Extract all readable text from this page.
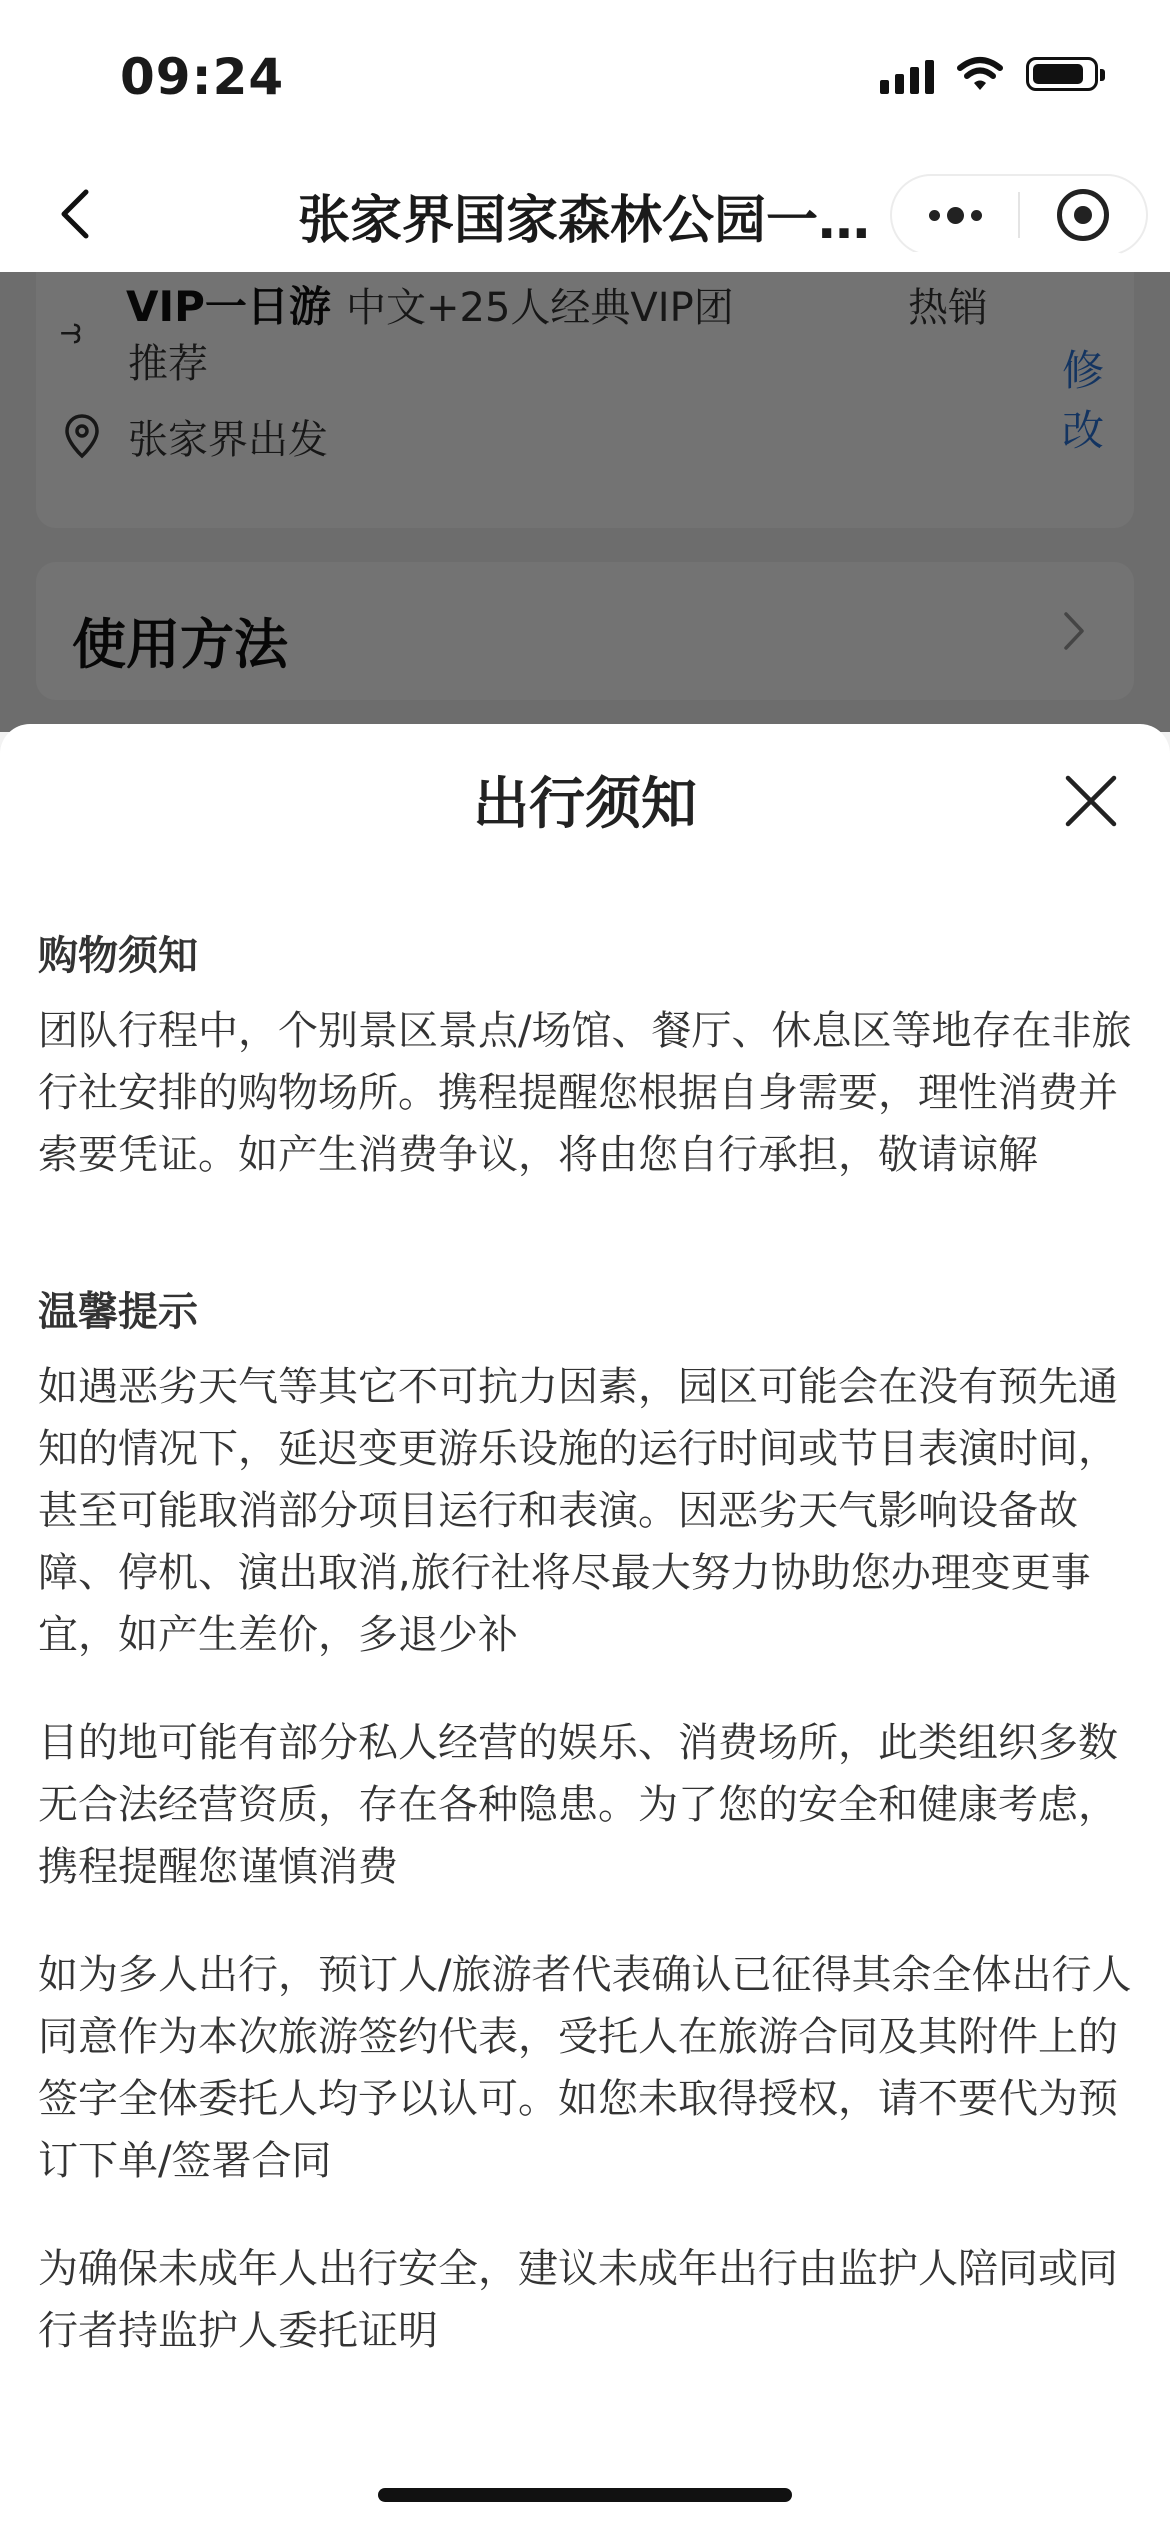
09:24
张家界国家森林公园一…
出行须知
购物须知

团队行程中，个别景区景点/场馆、餐厅、休息区等地存在非旅行社安排的购物场所。携程提醒您根据自身需要，理性消费并索要凭证。如产生消费争议，将由您自行承担，敬请谅解

温馨提示

如遇恶劣天气等其它不可抗力因素，园区可能会在没有预先通知的情况下，延迟变更游乐设施的运行时间或节目表演时间，甚至可能取消部分项目运行和表演。因恶劣天气影响设备故障、停机、演出取消,旅行社将尽最大努力协助您办理变更事宜，如产生差价，多退少补

目的地可能有部分私人经营的娱乐、消费场所，此类组织多数无合法经营资质，存在各种隐患。为了您的安全和健康考虑，携程提醒您谨慎消费

如为多人出行，预订人/旅游者代表确认已征得其余全体出行人同意作为本次旅游签约代表，受托人在旅游合同及其附件上的签字全体委托人均予以认可。如您未取得授权，请不要代为预订下单/签署合同

为确保未成年人出行安全，建议未成年出行由监护人陪同或同行者持监护人委托证明
